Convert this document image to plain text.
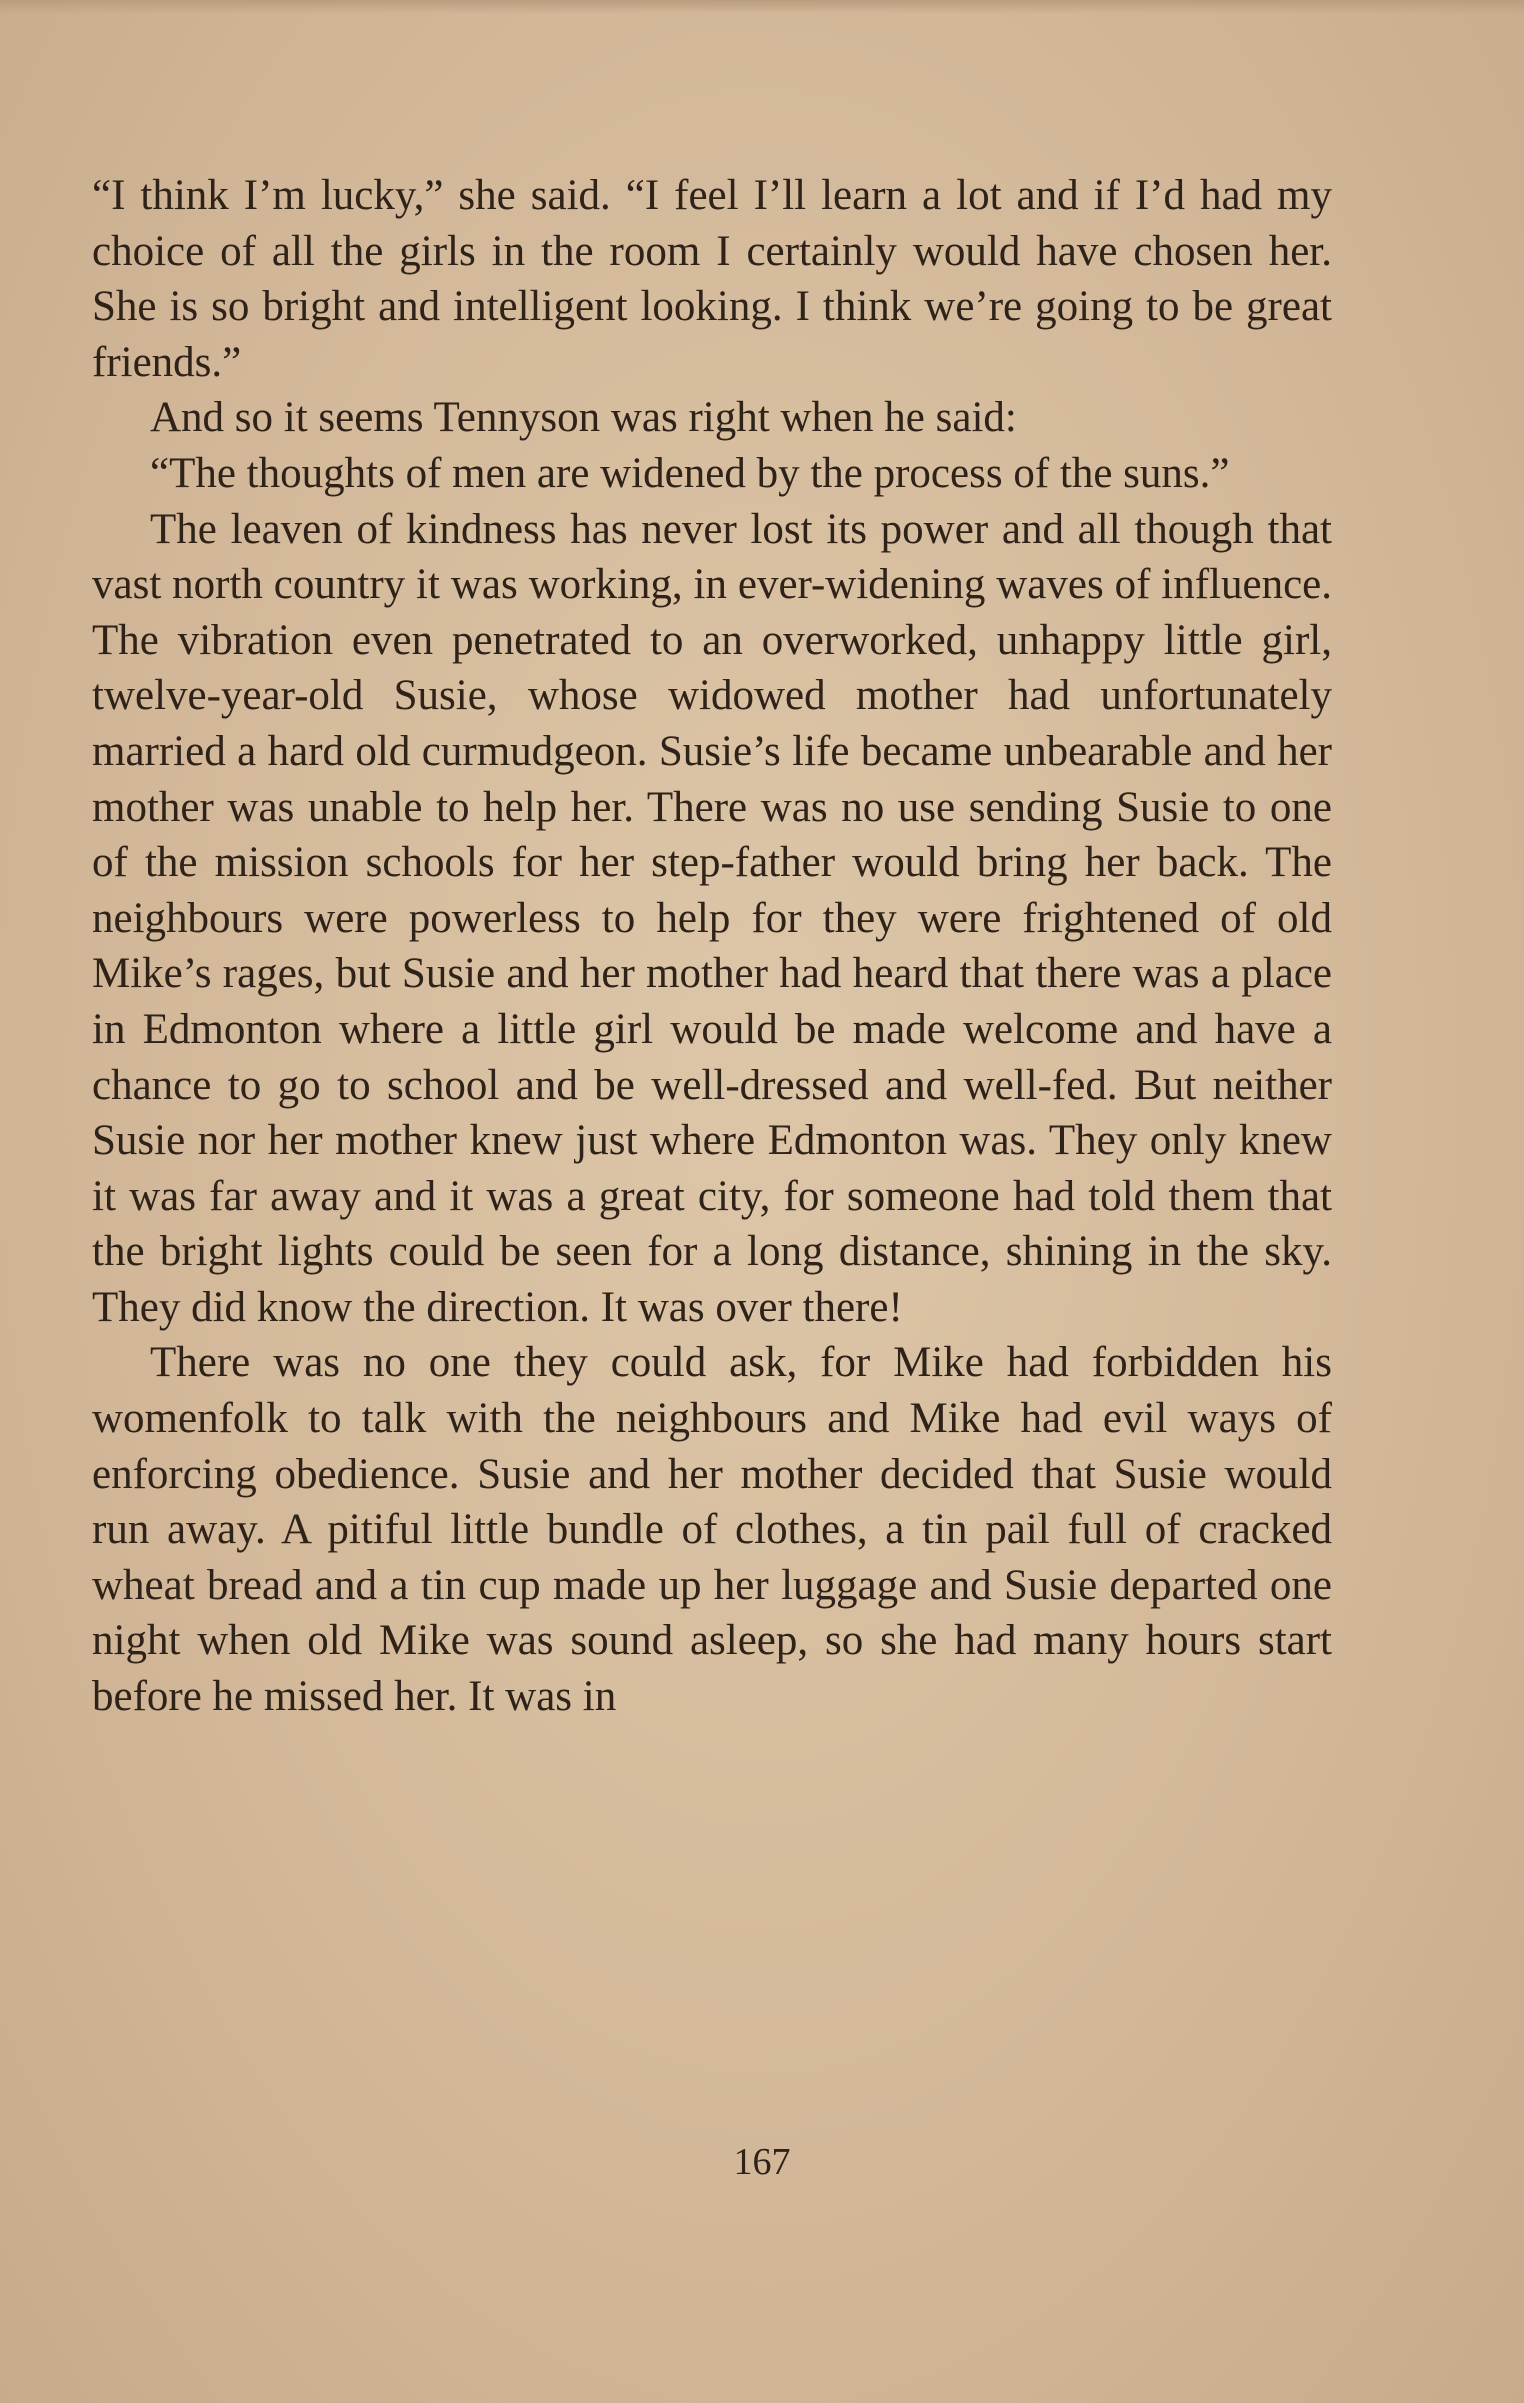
“I think I’m lucky,” she said. “I feel I’ll learn a lot and if I’d had my choice of all the girls in the room I certainly would have chosen her. She is so bright and intelligent looking. I think we’re going to be great friends.”

And so it seems Tennyson was right when he said:

“The thoughts of men are widened by the process of the suns.”

The leaven of kindness has never lost its power and all though that vast north country it was working, in ever-widening waves of influence. The vibration even penetrated to an overworked, unhappy little girl, twelve-year-old Susie, whose widowed mother had unfortunately married a hard old curmudgeon. Susie’s life became unbearable and her mother was unable to help her. There was no use sending Susie to one of the mission schools for her step-father would bring her back. The neighbours were powerless to help for they were frightened of old Mike’s rages, but Susie and her mother had heard that there was a place in Edmonton where a little girl would be made welcome and have a chance to go to school and be well-dressed and well-fed. But neither Susie nor her mother knew just where Edmonton was. They only knew it was far away and it was a great city, for someone had told them that the bright lights could be seen for a long distance, shining in the sky. They did know the direction. It was over there!

There was no one they could ask, for Mike had forbidden his womenfolk to talk with the neighbours and Mike had evil ways of enforcing obedience. Susie and her mother decided that Susie would run away. A pitiful little bundle of clothes, a tin pail full of cracked wheat bread and a tin cup made up her luggage and Susie departed one night when old Mike was sound asleep, so she had many hours start before he missed her. It was in

167
